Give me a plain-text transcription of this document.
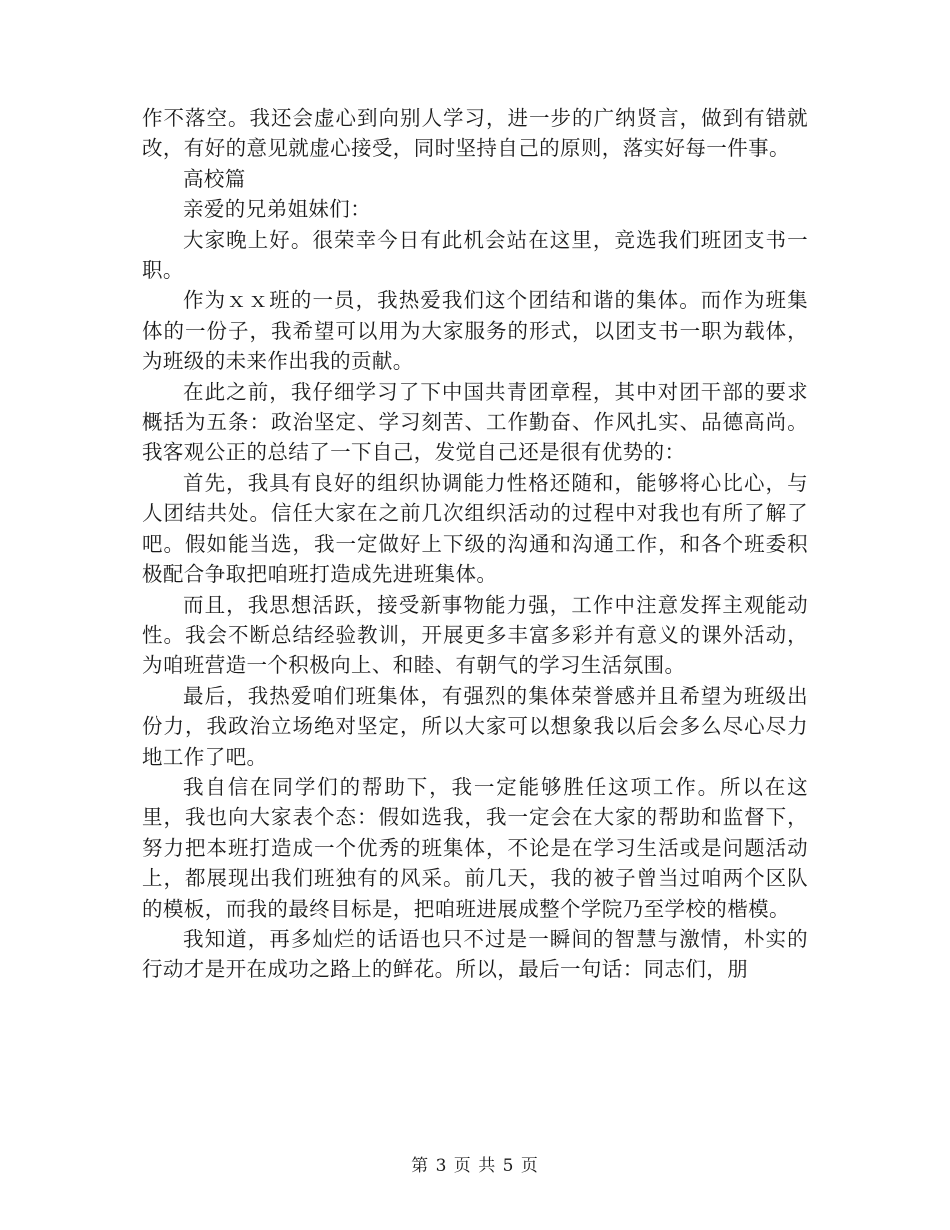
作不落空。我还会虚心到向别人学习，进一步的广纳贤言，做到有错就改，有好的意见就虚心接受，同时坚持自己的原则，落实好每一件事。

高校篇

亲爱的兄弟姐妹们：

大家晚上好。很荣幸今日有此机会站在这里，竞选我们班团支书一职。

作为ｘｘ班的一员，我热爱我们这个团结和谐的集体。而作为班集体的一份子，我希望可以用为大家服务的形式，以团支书一职为载体，为班级的未来作出我的贡献。

在此之前，我仔细学习了下中国共青团章程，其中对团干部的要求概括为五条：政治坚定、学习刻苦、工作勤奋、作风扎实、品德高尚。我客观公正的总结了一下自己，发觉自己还是很有优势的：

首先，我具有良好的组织协调能力性格还随和，能够将心比心，与人团结共处。信任大家在之前几次组织活动的过程中对我也有所了解了吧。假如能当选，我一定做好上下级的沟通和沟通工作，和各个班委积极配合争取把咱班打造成先进班集体。

而且，我思想活跃，接受新事物能力强，工作中注意发挥主观能动性。我会不断总结经验教训，开展更多丰富多彩并有意义的课外活动，为咱班营造一个积极向上、和睦、有朝气的学习生活氛围。

最后，我热爱咱们班集体，有强烈的集体荣誉感并且希望为班级出份力，我政治立场绝对坚定，所以大家可以想象我以后会多么尽心尽力地工作了吧。

我自信在同学们的帮助下，我一定能够胜任这项工作。所以在这里，我也向大家表个态：假如选我，我一定会在大家的帮助和监督下，努力把本班打造成一个优秀的班集体，不论是在学习生活或是问题活动上，都展现出我们班独有的风采。前几天，我的被子曾当过咱两个区队的模板，而我的最终目标是，把咱班进展成整个学院乃至学校的楷模。

我知道，再多灿烂的话语也只不过是一瞬间的智慧与激情，朴实的行动才是开在成功之路上的鲜花。所以，最后一句话：同志们，朋

第 3 页 共 5 页
